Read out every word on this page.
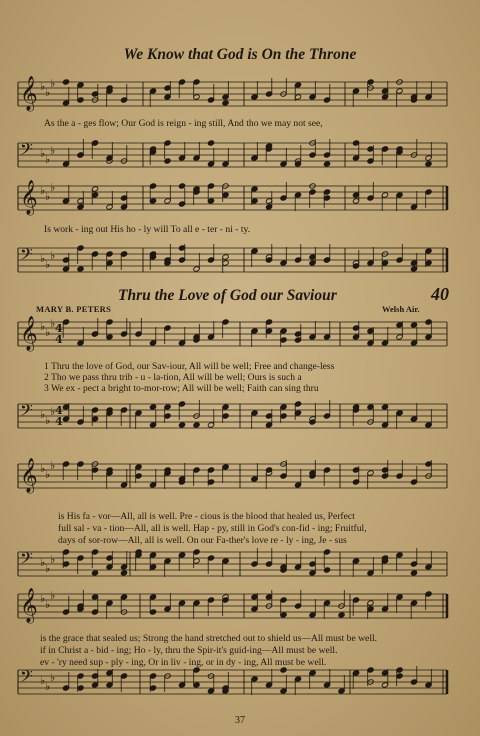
We Know that God is On the Throne
𝄞 ♭ ♭
♭
𝄢 ♭ ♭
♭
𝄞 ♭ ♭
♭
𝄢 ♭ ♭
♭
𝄞 ♭ ♭
♭ 4
4
𝄢 ♭ ♭
♭ 4
4
𝄞 ♭ ♭
♭
𝄢 ♭ ♭
♭
𝄞 ♭ ♭
♭
𝄢 ♭ ♭
♭
As the a - ges flow; Our God is reign - ing still, And tho we may not see,
Is work - ing out His ho - ly will To all e - ter - ni - ty.
Thru the Love of God our Saviour	40
MARY B. PETERS	Welsh Air.
1 Thru the love of God, our Sav-iour, All will be well; Free and change-less
2 Tho we pass thru trib - u - la-tion, All will be well; Ours is such a
3 We ex - pect a bright to-mor-row; All will be well; Faith can sing thru
is His fa - vor—All, all is well. Pre - cious is the blood that healed us, Perfect
full sal - va - tion—All, all is well. Hap - py, still in God's con-fid - ing; Fruitful,
days of sor-row—All, all is well. On our Fa-ther's love re - ly - ing, Je - sus
is the grace that sealed us; Strong the hand stretched out to shield us—All must be well.
if in Christ a - bid - ing; Ho - ly, thru the Spir-it's guid-ing—All must be well.
ev - 'ry need sup - ply - ing, Or in liv - ing, or in dy - ing, All must be well.
37
